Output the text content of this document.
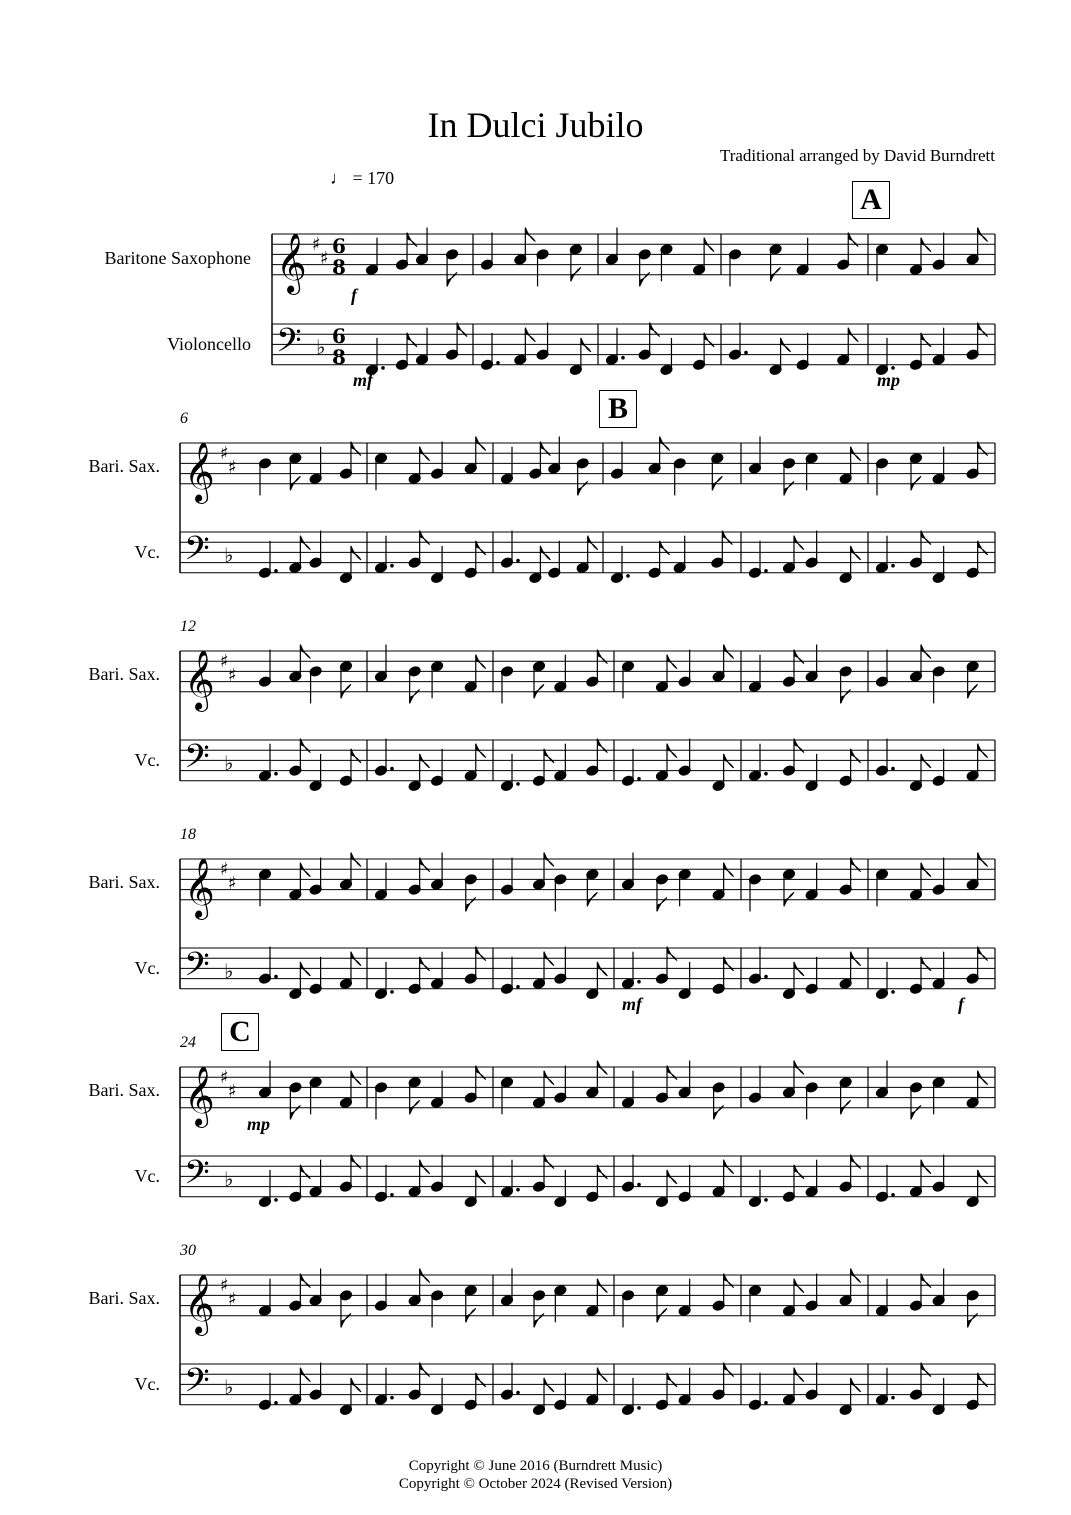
𝄞 ♯
♯
6
8
𝄢 ♭ 6
8
𝄞 ♯
♯
𝄢 ♭
𝄞 ♯
♯
𝄢 ♭
𝄞 ♯
♯
𝄢 ♭
𝄞 ♯
♯
𝄢 ♭
𝄞 ♯
♯
𝄢 ♭
In Dulci Jubilo
Traditional arranged by David Burndrett
♩ = 170
Baritone Saxophone
Violoncello
Bari. Sax.
Vc.
Bari. Sax.
Vc.
Bari. Sax.
Vc.
Bari. Sax.
Vc.
Bari. Sax.
Vc.
6
12
18
24
30
A
B
C
f
mf	mp
mf	f
mp
Copyright © June 2016 (Burndrett Music)
Copyright © October 2024 (Revised Version)
